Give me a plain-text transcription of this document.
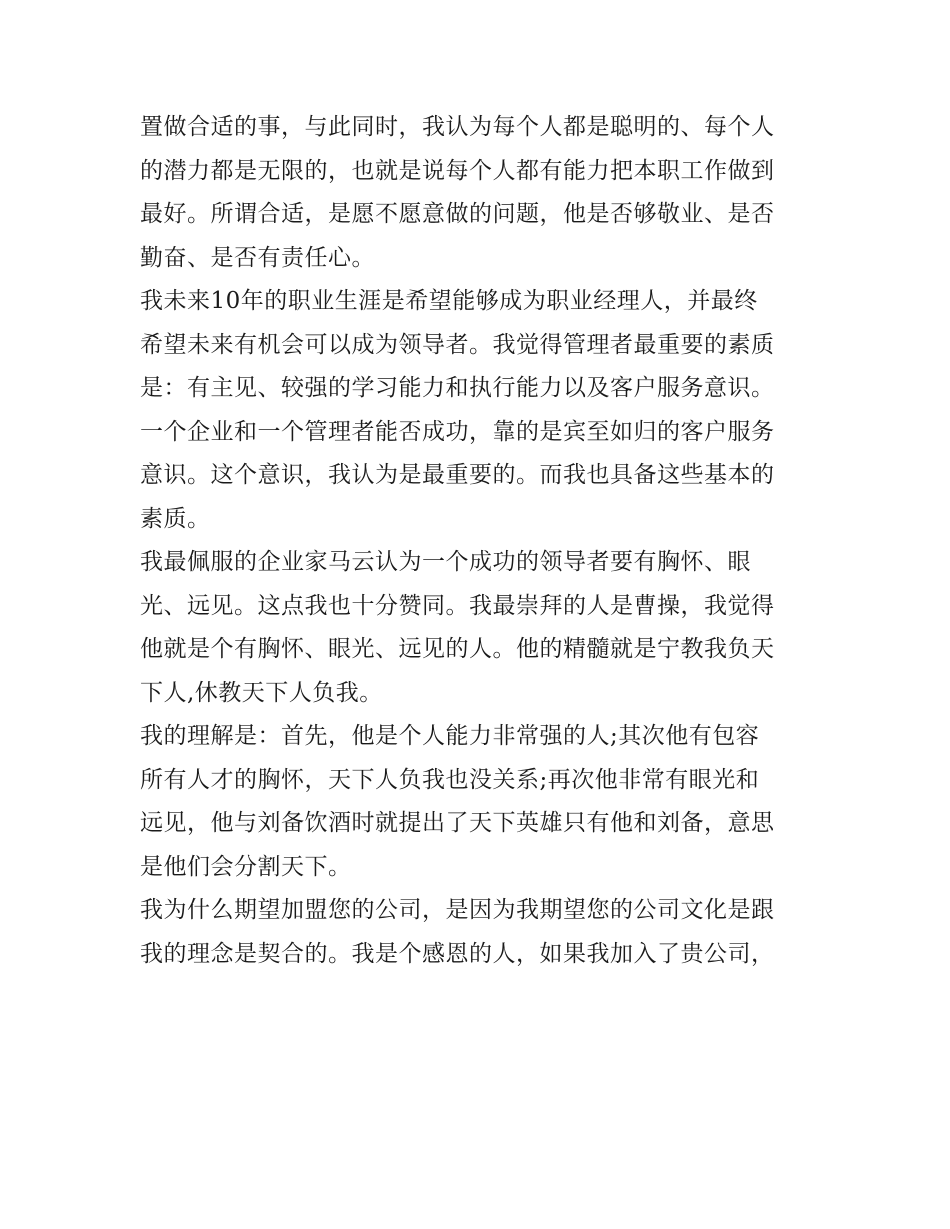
置做合适的事，与此同时，我认为每个人都是聪明的、每个人
的潜力都是无限的，也就是说每个人都有能力把本职工作做到
最好。所谓合适，是愿不愿意做的问题，他是否够敬业、是否
勤奋、是否有责任心。
我未来10年的职业生涯是希望能够成为职业经理人，并最终
希望未来有机会可以成为领导者。我觉得管理者最重要的素质
是：有主见、较强的学习能力和执行能力以及客户服务意识。
一个企业和一个管理者能否成功，靠的是宾至如归的客户服务
意识。这个意识，我认为是最重要的。而我也具备这些基本的
素质。
我最佩服的企业家马云认为一个成功的领导者要有胸怀、眼
光、远见。这点我也十分赞同。我最崇拜的人是曹操，我觉得
他就是个有胸怀、眼光、远见的人。他的精髓就是宁教我负天
下人,休教天下人负我。
我的理解是：首先，他是个人能力非常强的人;其次他有包容
所有人才的胸怀，天下人负我也没关系;再次他非常有眼光和
远见，他与刘备饮酒时就提出了天下英雄只有他和刘备，意思
是他们会分割天下。
我为什么期望加盟您的公司，是因为我期望您的公司文化是跟
我的理念是契合的。我是个感恩的人，如果我加入了贵公司，
